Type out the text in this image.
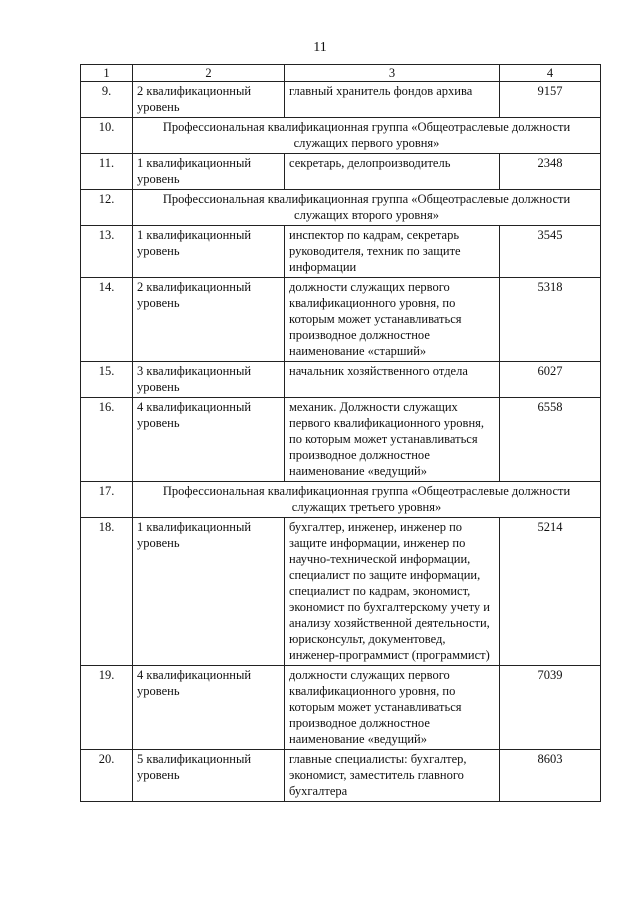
11
1	2	3	4
9.	2 квалификационный уровень	главный хранитель фондов архива	9157
10.	Профессиональная квалификационная группа «Общеотраслевые должности служащих первого уровня»		
11.	1 квалификационный уровень	секретарь, делопроизводитель	2348
12.	Профессиональная квалификационная группа «Общеотраслевые должности служащих второго уровня»		
13.	1 квалификационный уровень	инспектор по кадрам, секретарь руководителя, техник по защите информации	3545
14.	2 квалификационный уровень	должности служащих первого квалификационного уровня, по которым может устанавливаться производное должностное наименование «старший»	5318
15.	3 квалификационный уровень	начальник хозяйственного отдела	6027
16.	4 квалификационный уровень	механик. Должности служащих первого квалификационного уровня, по которым может устанавливаться производное должностное наименование «ведущий»	6558
17.	Профессиональная квалификационная группа «Общеотраслевые должности служащих третьего уровня»		
18.	1 квалификационный уровень	бухгалтер, инженер, инженер по защите информации, инженер по научно-технической информации, специалист по защите информации, специалист по кадрам, экономист, экономист по бухгалтерскому учету и анализу хозяйственной деятельности, юрисконсульт, документовед, инженер-программист (программист)	5214
19.	4 квалификационный уровень	должности служащих первого квалификационного уровня, по которым может устанавливаться производное должностное наименование «ведущий»	7039
20.	5 квалификационный уровень	главные специалисты: бухгалтер, экономист, заместитель главного бухгалтера	8603
